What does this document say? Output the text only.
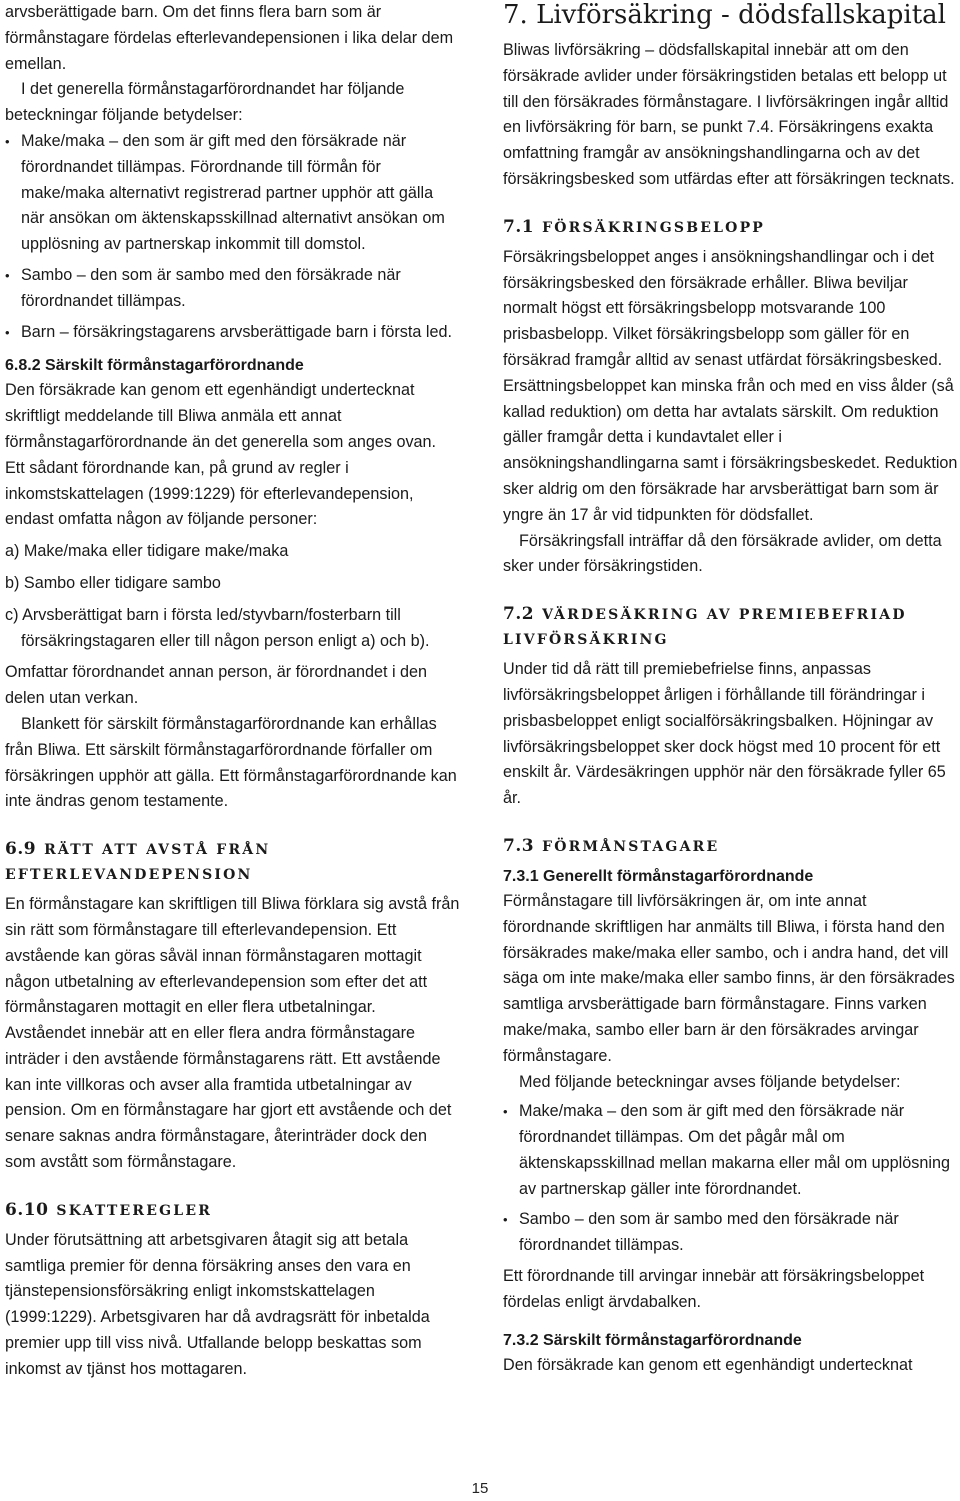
arvsberättigade barn. Om det finns flera barn som är förmånstagare fördelas efterlevandepensionen i lika delar dem emellan.

I det generella förmånstagarförordnandet har följande beteckningar följande betydelser:

• Make/maka – den som är gift med den försäkrade när förordnandet tillämpas. Förordnande till förmån för make/maka alternativt registrerad partner upphör att gälla när ansökan om äktenskapsskillnad alternativt ansökan om upplösning av partnerskap inkommit till domstol.
• Sambo – den som är sambo med den försäkrade när förordnandet tillämpas.
• Barn – försäkringstagarens arvsberättigade barn i första led.
6.8.2 Särskilt förmånstagarförordnande

Den försäkrade kan genom ett egenhändigt undertecknat skriftligt meddelande till Bliwa anmäla ett annat förmånstagarförordnande än det generella som anges ovan. Ett sådant förordnande kan, på grund av regler i inkomstskattelagen (1999:1229) för efterlevandepension, endast omfatta någon av följande personer:

a) Make/maka eller tidigare make/maka

b) Sambo eller tidigare sambo

c) Arvsberättigat barn i första led/styvbarn/fosterbarn till försäkringstagaren eller till någon person enligt a) och b).

Omfattar förordnandet annan person, är förordnandet i den delen utan verkan.

Blankett för särskilt förmånstagarförordnande kan erhållas från Bliwa. Ett särskilt förmånstagarförordnande förfaller om försäkringen upphör att gälla. Ett förmånstagarförordnande kan inte ändras genom testamente.

6.9 RÄTT ATT AVSTÅ FRÅN EFTERLEVANDEPENSION

En förmånstagare kan skriftligen till Bliwa förklara sig avstå från sin rätt som förmånstagare till efterlevandepension. Ett avstående kan göras såväl innan förmånstagaren mottagit någon utbetalning av efterlevandepension som efter det att förmånstagaren mottagit en eller flera utbetalningar. Avståendet innebär att en eller flera andra förmånstagare inträder i den avstående förmånstagarens rätt. Ett avstående kan inte villkoras och avser alla framtida utbetalningar av pension. Om en förmånstagare har gjort ett avstående och det senare saknas andra förmånstagare, återinträder dock den som avstått som förmånstagare.

6.10 SKATTEREGLER

Under förutsättning att arbetsgivaren åtagit sig att betala samtliga premier för denna försäkring anses den vara en tjänstepensionsförsäkring enligt inkomstskattelagen (1999:1229). Arbetsgivaren har då avdragsrätt för inbetalda premier upp till viss nivå. Utfallande belopp beskattas som inkomst av tjänst hos mottagaren.

7. Livförsäkring - dödsfallskapital

Bliwas livförsäkring – dödsfallskapital innebär att om den försäkrade avlider under försäkringstiden betalas ett belopp ut till den försäkrades förmånstagare. I livförsäkringen ingår alltid en livförsäkring för barn, se punkt 7.4. Försäkringens exakta omfattning framgår av ansökningshandlingarna och av det försäkringsbesked som utfärdas efter att försäkringen tecknats.

7.1 FÖRSÄKRINGSBELOPP

Försäkringsbeloppet anges i ansökningshandlingar och i det försäkringsbesked den försäkrade erhåller. Bliwa beviljar normalt högst ett försäkringsbelopp motsvarande 100 prisbasbelopp. Vilket försäkringsbelopp som gäller för en försäkrad framgår alltid av senast utfärdat försäkringsbesked. Ersättningsbeloppet kan minska från och med en viss ålder (så kallad reduktion) om detta har avtalats särskilt. Om reduktion gäller framgår detta i kundavtalet eller i ansökningshandlingarna samt i försäkringsbeskedet. Reduktion sker aldrig om den försäkrade har arvsberättigat barn som är yngre än 17 år vid tidpunkten för dödsfallet.

Försäkringsfall inträffar då den försäkrade avlider, om detta sker under försäkringstiden.

7.2 VÄRDESÄKRING AV PREMIEBEFRIAD LIVFÖRSÄKRING

Under tid då rätt till premiebefrielse finns, anpassas livförsäkringsbeloppet årligen i förhållande till förändringar i prisbasbeloppet enligt socialförsäkringsbalken. Höjningar av livförsäkringsbeloppet sker dock högst med 10 procent för ett enskilt år. Värdesäkringen upphör när den försäkrade fyller 65 år.

7.3 FÖRMÅNSTAGARE
7.3.1 Generellt förmånstagarförordnande

Förmånstagare till livförsäkringen är, om inte annat förordnande skriftligen har anmälts till Bliwa, i första hand den försäkrades make/maka eller sambo, och i andra hand, det vill säga om inte make/maka eller sambo finns, är den försäkrades samtliga arvsberättigade barn förmånstagare. Finns varken make/maka, sambo eller barn är den försäkrades arvingar förmånstagare.

Med följande beteckningar avses följande betydelser:

• Make/maka – den som är gift med den försäkrade när förordnandet tillämpas. Om det pågår mål om äktenskapsskillnad mellan makarna eller mål om upplösning av partnerskap gäller inte förordnandet.
• Sambo – den som är sambo med den försäkrade när förordnandet tillämpas.

Ett förordnande till arvingar innebär att försäkringsbeloppet fördelas enligt ärvdabalken.

7.3.2 Särskilt förmånstagarförordnande

Den försäkrade kan genom ett egenhändigt undertecknat

15
